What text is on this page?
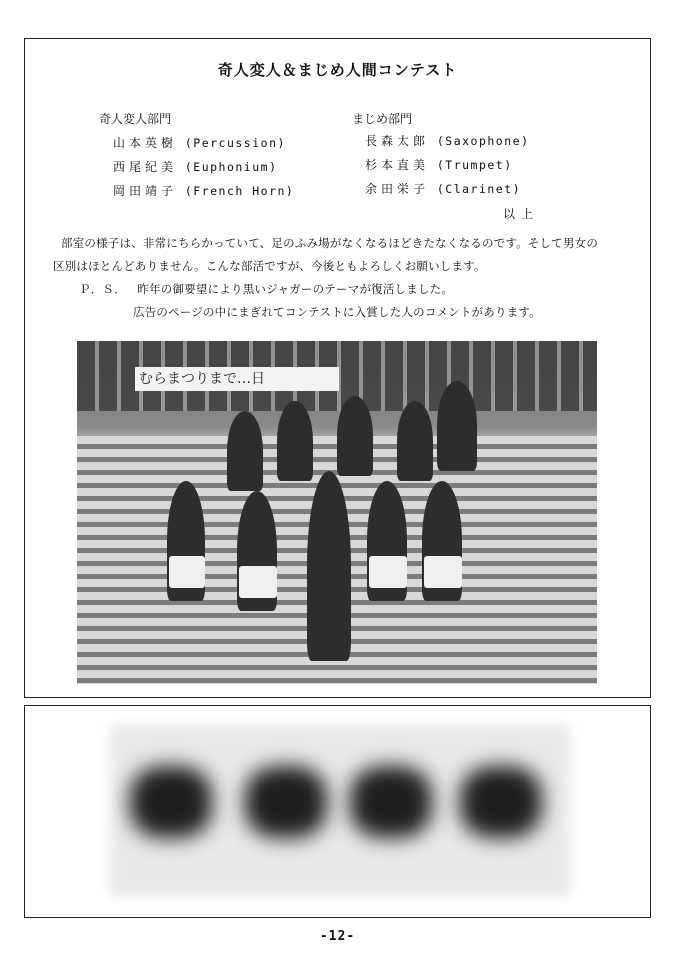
奇人変人＆まじめ人間コンテスト
奇人変人部門
山本英樹 (Percussion)
西尾紀美 (Euphonium)
岡田靖子 (French Horn)
まじめ部門
長森太郎 (Saxophone)
杉本直美 (Trumpet)
余田栄子 (Clarinet)
以上
部室の様子は、非常にちらかっていて、足のふみ場がなくなるほどきたなくなるのです。そして男女の
区別はほとんどありません。こんな部活ですが、今後ともよろしくお願いします。
Ｐ．Ｓ． 昨年の御要望により黒いジャガーのテーマが復活しました。
広告のページの中にまぎれてコンテストに入賞した人のコメントがあります。
むらまつりまで…日
-12-
